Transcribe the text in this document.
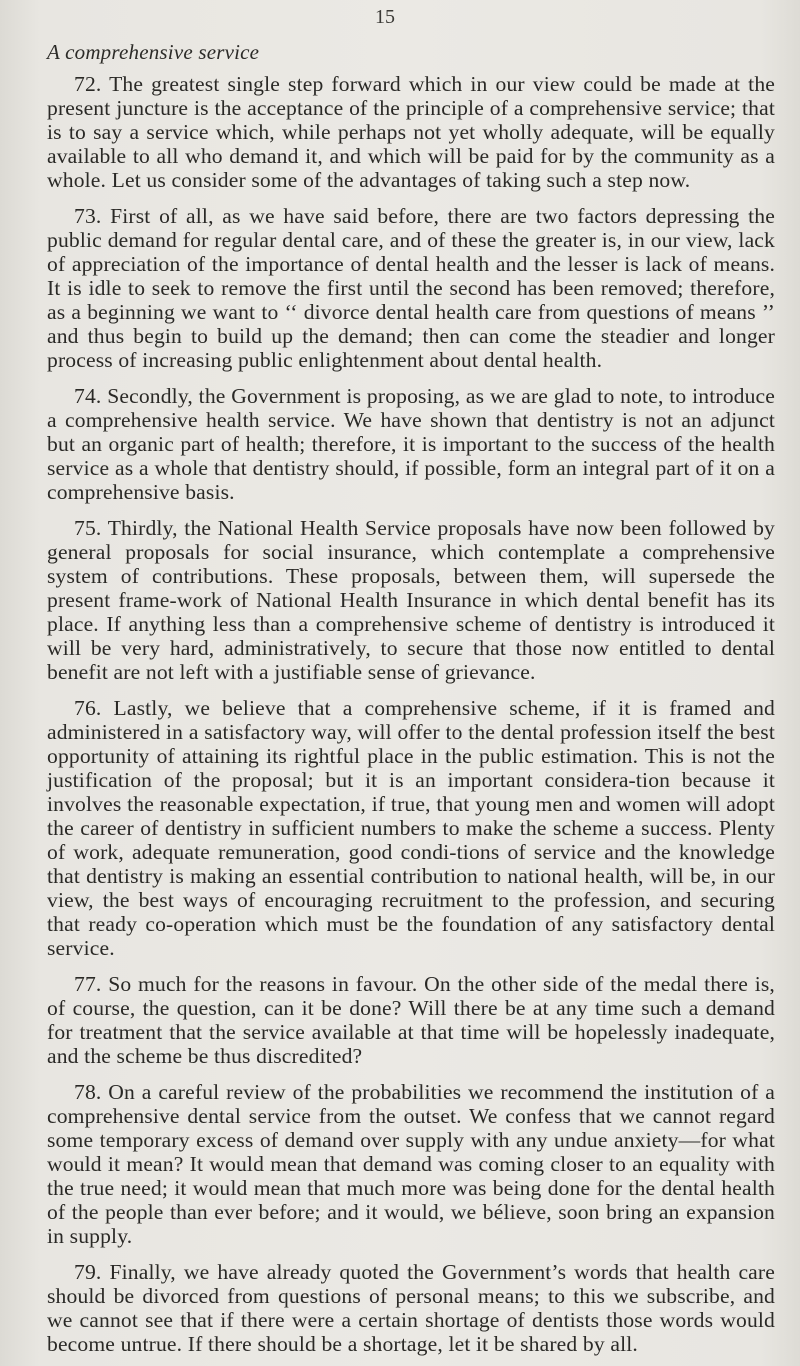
15
A comprehensive service

72. The greatest single step forward which in our view could be made at the present juncture is the acceptance of the principle of a comprehensive service; that is to say a service which, while perhaps not yet wholly adequate, will be equally available to all who demand it, and which will be paid for by the community as a whole. Let us consider some of the advantages of taking such a step now.

73. First of all, as we have said before, there are two factors depressing the public demand for regular dental care, and of these the greater is, in our view, lack of appreciation of the importance of dental health and the lesser is lack of means. It is idle to seek to remove the first until the second has been removed; therefore, as a beginning we want to ‘‘ divorce dental health care from questions of means ’’ and thus begin to build up the demand; then can come the steadier and longer process of increasing public enlightenment about dental health.

74. Secondly, the Government is proposing, as we are glad to note, to introduce a comprehensive health service. We have shown that dentistry is not an adjunct but an organic part of health; therefore, it is important to the success of the health service as a whole that dentistry should, if possible, form an integral part of it on a comprehensive basis.

75. Thirdly, the National Health Service proposals have now been followed by general proposals for social insurance, which contemplate a comprehensive system of contributions. These proposals, between them, will supersede the present frame-work of National Health Insurance in which dental benefit has its place. If anything less than a comprehensive scheme of dentistry is introduced it will be very hard, administratively, to secure that those now entitled to dental benefit are not left with a justifiable sense of grievance.

76. Lastly, we believe that a comprehensive scheme, if it is framed and administered in a satisfactory way, will offer to the dental profession itself the best opportunity of attaining its rightful place in the public estimation. This is not the justification of the proposal; but it is an important considera-tion because it involves the reasonable expectation, if true, that young men and women will adopt the career of dentistry in sufficient numbers to make the scheme a success. Plenty of work, adequate remuneration, good condi-tions of service and the knowledge that dentistry is making an essential contribution to national health, will be, in our view, the best ways of encouraging recruitment to the profession, and securing that ready co-operation which must be the foundation of any satisfactory dental service.

77. So much for the reasons in favour. On the other side of the medal there is, of course, the question, can it be done? Will there be at any time such a demand for treatment that the service available at that time will be hopelessly inadequate, and the scheme be thus discredited?

78. On a careful review of the probabilities we recommend the institution of a comprehensive dental service from the outset. We confess that we cannot regard some temporary excess of demand over supply with any undue anxiety—for what would it mean? It would mean that demand was coming closer to an equality with the true need; it would mean that much more was being done for the dental health of the people than ever before; and it would, we bélieve, soon bring an expansion in supply.

79. Finally, we have already quoted the Government’s words that health care should be divorced from questions of personal means; to this we subscribe, and we cannot see that if there were a certain shortage of dentists those words would become untrue. If there should be a shortage, let it be shared by all.
